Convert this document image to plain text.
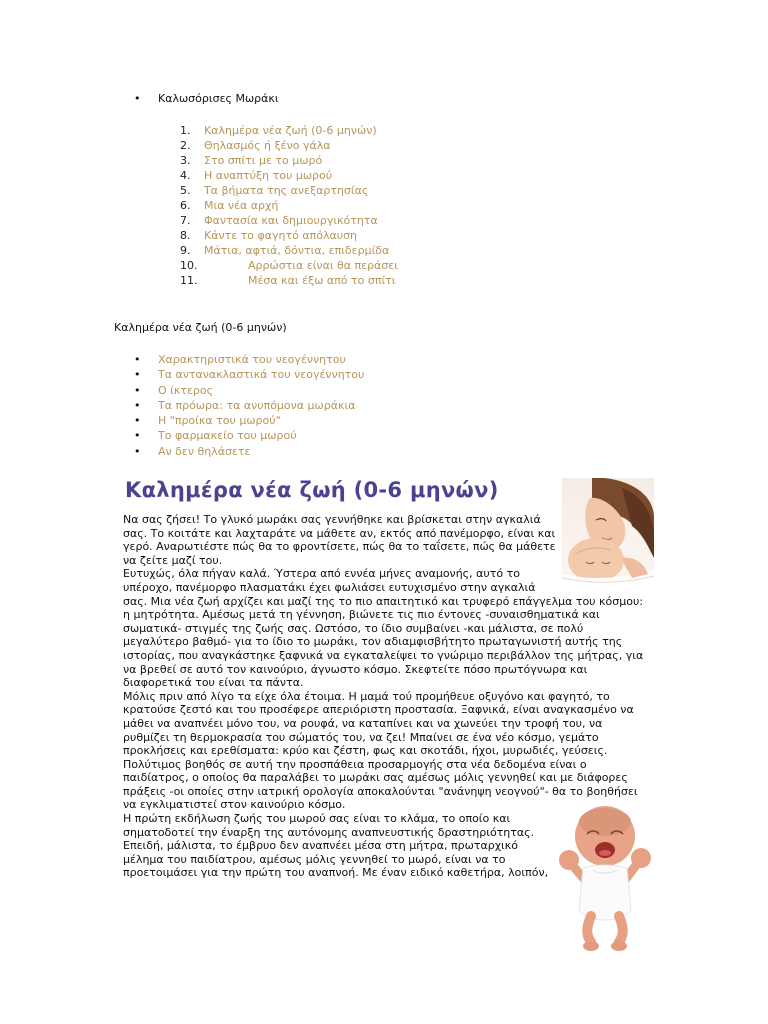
• Καλωσόρισες Μωράκι
1. Καλημέρα νέα ζωή (0-6 μηνών)
2. Θηλασμός ή ξένο γάλα
3. Στο σπίτι με το μωρό
4. Η αναπτύξη του μωρού
5. Τα βήματα της ανεξαρτησίας
6. Μια νέα αρχή
7. Φαντασία και δημιουργικότητα
8. Κάντε το φαγητό απόλαυση
9. Μάτια, αφτιά, δόντια, επιδερμίδα
10.	Αρρώστια είναι θα περάσει
11.	Μέσα και έξω από το σπίτι
Καλημέρα νέα ζωή (0-6 μηνών)
• Χαρακτηριστικά του νεογέννητου
• Τα αντανακλαστικά του νεογέννητου
• Ο ίκτερος
• Τα πρόωρα: τα ανυπόμονα μωράκια
• Η "προίκα του μωρού"
• Το φαρμακείο του μωρού
• Αν δεν θηλάσετε
Καλημέρα νέα ζωή (0-6 μηνών)

Να σας ζήσει! Το γλυκό μωράκι σας γεννήθηκε και βρίσκεται στην αγκαλιά
σας. Το κοιτάτε και λαχταράτε να μάθετε αν, εκτός από πανέμορφο, είναι και
γερό. Αναρωτιέστε πώς θα το φροντίσετε, πώς θα το ταΐσετε, πώς θα μάθετε
να ζείτε μαζί του.
Ευτυχώς, όλα πήγαν καλά. Ύστερα από εννέα μήνες αναμονής, αυτό το
υπέροχο, πανέμορφο πλασματάκι έχει φωλιάσει ευτυχισμένο στην αγκαλιά
σας. Μια νέα ζωή αρχίζει και μαζί της το πιο απαιτητικό και τρυφερό επάγγελμα του κόσμου:
η μητρότητα. Αμέσως μετά τη γέννηση, βιώνετε τις πιο έντονες -συναισθηματικά και
σωματικά- στιγμές της ζωής σας. Ωστόσο, το ίδιο συμβαίνει -και μάλιστα, σε πολύ
μεγαλύτερο βαθμό- για το ίδιο το μωράκι, τον αδιαμφισβήτητο πρωταγωνιστή αυτής της
ιστορίας, που αναγκάστηκε ξαφνικά να εγκαταλείψει το γνώριμο περιβάλλον της μήτρας, για
να βρεθεί σε αυτό τον καινούριο, άγνωστο κόσμο. Σκεφτείτε πόσο πρωτόγνωρα και
διαφορετικά του είναι τα πάντα.
Μόλις πριν από λίγο τα είχε όλα έτοιμα. Η μαμά τού προμήθευε οξυγόνο και φαγητό, το
κρατούσε ζεστό και του προσέφερε απεριόριστη προστασία. Ξαφνικά, είναι αναγκασμένο να
μάθει να αναπνέει μόνο του, να ρουφά, να καταπίνει και να χωνεύει την τροφή του, να
ρυθμίζει τη θερμοκρασία του σώματός του, να ζει! Μπαίνει σε ένα νέο κόσμο, γεμάτο
προκλήσεις και ερεθίσματα: κρύο και ζέστη, φως και σκοτάδι, ήχοι, μυρωδιές, γεύσεις.
Πολύτιμος βοηθός σε αυτή την προσπάθεια προσαρμογής στα νέα δεδομένα είναι ο
παιδίατρος, ο οποίος θα παραλάβει το μωράκι σας αμέσως μόλις γεννηθεί και με διάφορες
πράξεις -οι οποίες στην ιατρική ορολογία αποκαλούνται "ανάνηψη νεογνού"- θα το βοηθήσει
να εγκλιματιστεί στον καινούριο κόσμο.
Η πρώτη εκδήλωση ζωής του μωρού σας είναι το κλάμα, το οποίο και
σηματοδοτεί την έναρξη της αυτόνομης αναπνευστικής δραστηριότητας.
Επειδή, μάλιστα, το έμβρυο δεν αναπνέει μέσα στη μήτρα, πρωταρχικό
μέλημα του παιδίατρου, αμέσως μόλις γεννηθεί το μωρό, είναι να το
προετοιμάσει για την πρώτη του αναπνοή. Με έναν ειδικό καθετήρα, λοιπόν,
